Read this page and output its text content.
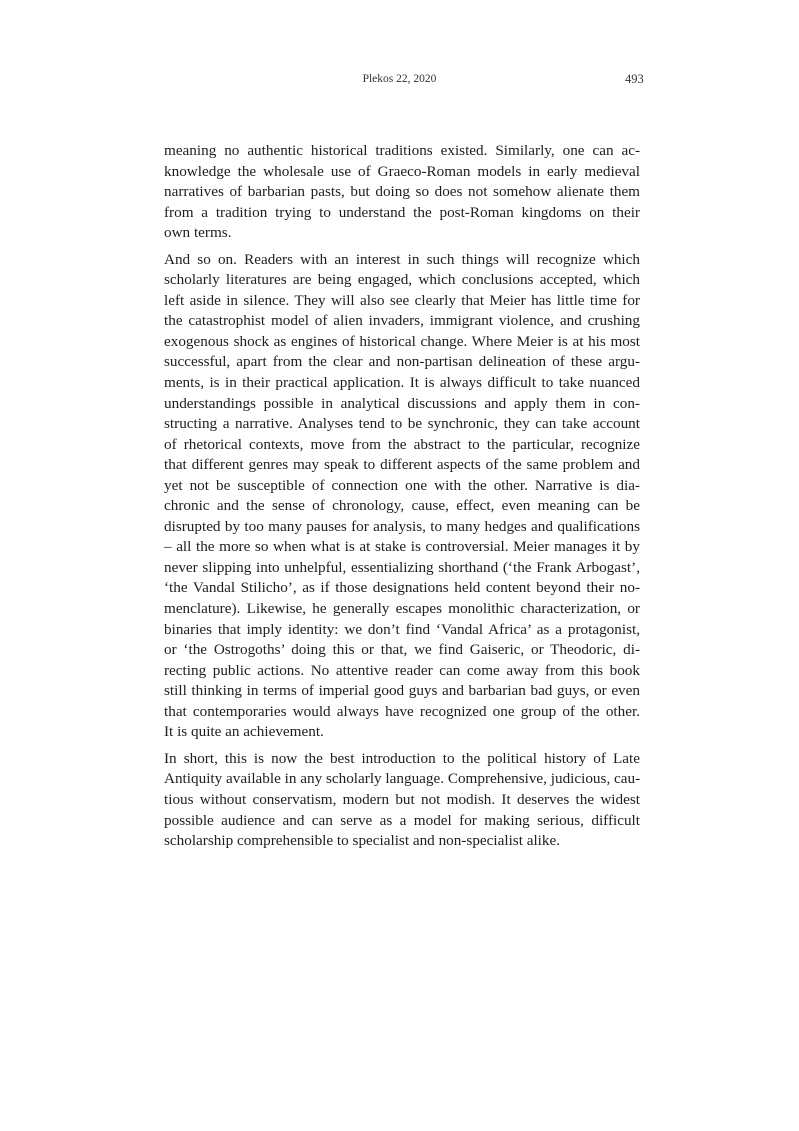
Plekos 22, 2020	493

meaning no authentic historical traditions existed. Similarly, one can ac-
knowledge the wholesale use of Graeco-Roman models in early medieval
narratives of barbarian pasts, but doing so does not somehow alienate them
from a tradition trying to understand the post-Roman kingdoms on their
own terms.

And so on. Readers with an interest in such things will recognize which
scholarly literatures are being engaged, which conclusions accepted, which
left aside in silence. They will also see clearly that Meier has little time for
the catastrophist model of alien invaders, immigrant violence, and crushing
exogenous shock as engines of historical change. Where Meier is at his most
successful, apart from the clear and non-partisan delineation of these argu-
ments, is in their practical application. It is always difficult to take nuanced
understandings possible in analytical discussions and apply them in con-
structing a narrative. Analyses tend to be synchronic, they can take account
of rhetorical contexts, move from the abstract to the particular, recognize
that different genres may speak to different aspects of the same problem and
yet not be susceptible of connection one with the other. Narrative is dia-
chronic and the sense of chronology, cause, effect, even meaning can be
disrupted by too many pauses for analysis, to many hedges and qualifications
– all the more so when what is at stake is controversial. Meier manages it by
never slipping into unhelpful, essentializing shorthand (‘the Frank Arbogast’,
‘the Vandal Stilicho’, as if those designations held content beyond their no-
menclature). Likewise, he generally escapes monolithic characterization, or
binaries that imply identity: we don’t find ‘Vandal Africa’ as a protagonist,
or ‘the Ostrogoths’ doing this or that, we find Gaiseric, or Theodoric, di-
recting public actions. No attentive reader can come away from this book
still thinking in terms of imperial good guys and barbarian bad guys, or even
that contemporaries would always have recognized one group of the other.
It is quite an achievement.

In short, this is now the best introduction to the political history of Late
Antiquity available in any scholarly language. Comprehensive, judicious, cau-
tious without conservatism, modern but not modish. It deserves the widest
possible audience and can serve as a model for making serious, difficult
scholarship comprehensible to specialist and non-specialist alike.
